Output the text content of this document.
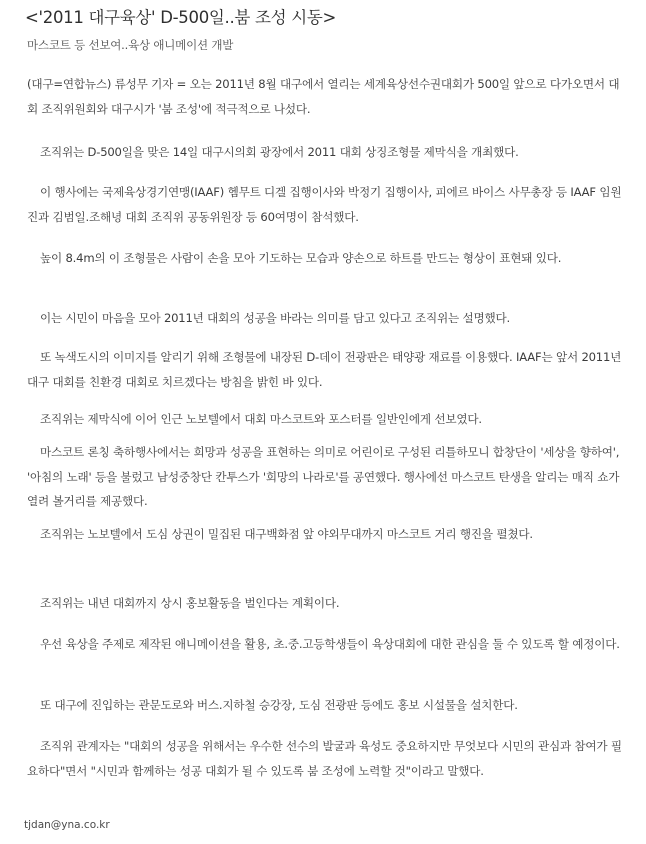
<'2011 대구육상' D-500일..붐 조성 시동>
마스코트 등 선보여..육상 애니메이션 개발

(대구=연합뉴스) 류성무 기자 = 오는 2011년 8월 대구에서 열리는 세계육상선수권대회가 500일 앞으로 다가오면서 대회 조직위원회와 대구시가 '붐 조성'에 적극적으로 나섰다.

조직위는 D-500일을 맞은 14일 대구시의회 광장에서 2011 대회 상징조형물 제막식을 개최했다.

이 행사에는 국제육상경기연맹(IAAF) 헴무트 디겔 집행이사와 박정기 집행이사, 피에르 바이스 사무총장 등 IAAF 임원진과 김범일.조해녕 대회 조직위 공동위원장 등 60여명이 참석했다.

높이 8.4m의 이 조형물은 사람이 손을 모아 기도하는 모습과 양손으로 하트를 만드는 형상이 표현돼 있다.

이는 시민이 마음을 모아 2011년 대회의 성공을 바라는 의미를 담고 있다고 조직위는 설명했다.

또 녹색도시의 이미지를 알리기 위해 조형물에 내장된 D-데이 전광판은 태양광 재료를 이용했다. IAAF는 앞서 2011년 대구 대회를 친환경 대회로 치르겠다는 방침을 밝힌 바 있다.

조직위는 제막식에 이어 인근 노보텔에서 대회 마스코트와 포스터를 일반인에게 선보였다.

마스코트 론칭 축하행사에서는 희망과 성공을 표현하는 의미로 어린이로 구성된 리틀하모니 합창단이 '세상을 향하여', '아침의 노래' 등을 불렀고 남성중창단 칸투스가 '희망의 나라로'를 공연했다. 행사에선 마스코트 탄생을 알리는 매직 쇼가 열려 볼거리를 제공했다.

조직위는 노보텔에서 도심 상권이 밀집된 대구백화점 앞 야외무대까지 마스코트 거리 행진을 펼쳤다.

조직위는 내년 대회까지 상시 홍보활동을 벌인다는 계획이다.

우선 육상을 주제로 제작된 애니메이션을 활용, 초.중.고등학생들이 육상대회에 대한 관심을 둘 수 있도록 할 예정이다.

또 대구에 진입하는 관문도로와 버스.지하철 승강장, 도심 전광판 등에도 홍보 시설물을 설치한다.

조직위 관계자는 "대회의 성공을 위해서는 우수한 선수의 발굴과 육성도 중요하지만 무엇보다 시민의 관심과 참여가 필요하다"면서 "시민과 함께하는 성공 대회가 될 수 있도록 붐 조성에 노력할 것"이라고 말했다.

tjdan@yna.co.kr
